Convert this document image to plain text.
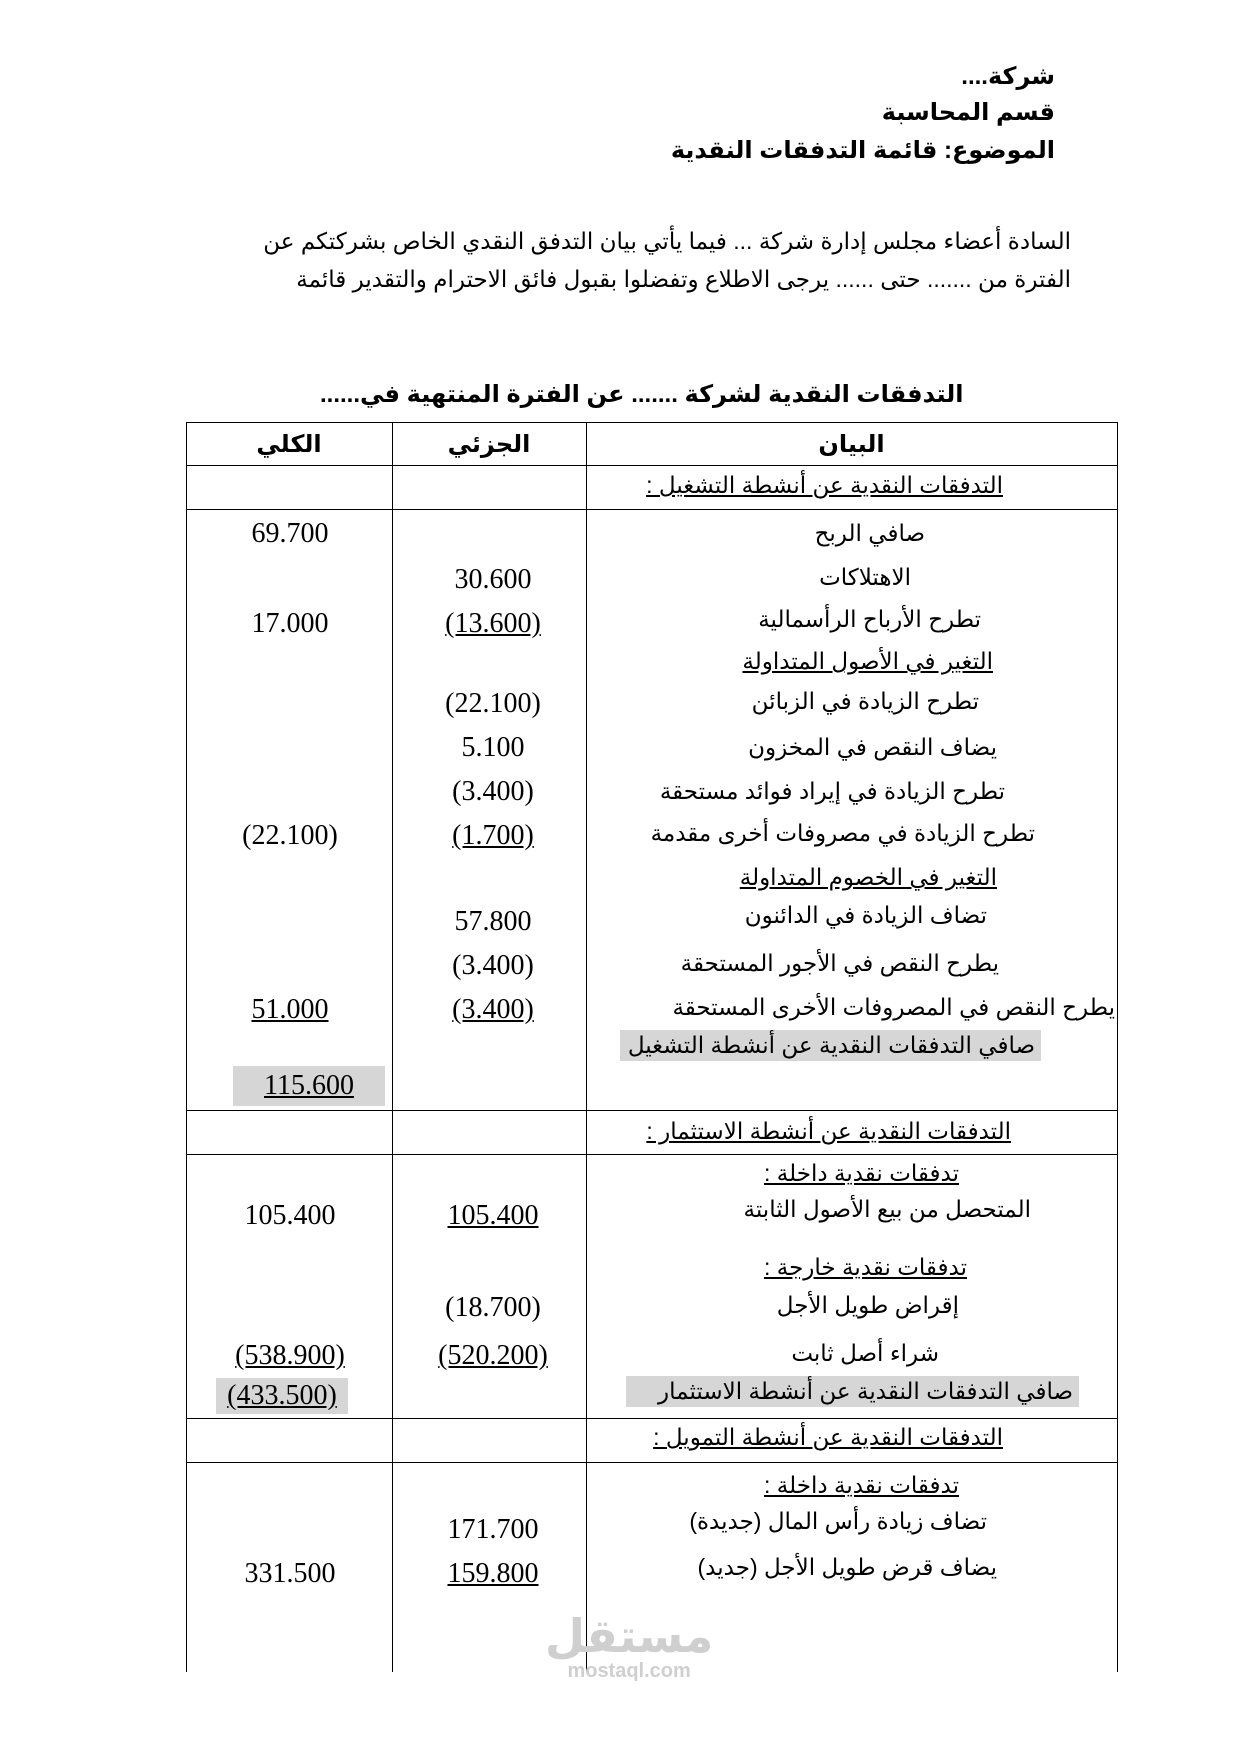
شركة....
قسم المحاسبة
الموضوع: قائمة التدفقات النقدية
السادة أعضاء مجلس إدارة شركة ... فيما يأتي بيان التدفق النقدي الخاص بشركتكم عن
الفترة من ....... حتى ...... يرجى الاطلاع وتفضلوا بقبول فائق الاحترام والتقدير قائمة
التدفقات النقدية لشركة ....... عن الفترة المنتهية في......
البيان
الجزئي
الكلي
التدفقات النقدية عن أنشطة التشغيل :
صافي الربح
69.700
الاهتلاكات
30.600
تطرح الأرباح الرأسمالية
(13.600)
17.000
التغير في الأصول المتداولة
تطرح الزيادة في الزبائن
(22.100)
يضاف النقص في المخزون
5.100
تطرح الزيادة في إيراد فوائد مستحقة
(3.400)
تطرح الزيادة في مصروفات أخرى مقدمة
(1.700)
(22.100)
التغير في الخصوم المتداولة
تضاف الزيادة في الدائنون
57.800
يطرح النقص في الأجور المستحقة
(3.400)
يطرح النقص في المصروفات الأخرى المستحقة
(3.400)
51.000
صافي التدفقات النقدية عن أنشطة التشغيل
115.600
التدفقات النقدية عن أنشطة الاستثمار :
تدفقات نقدية داخلة :
المتحصل من بيع الأصول الثابتة
105.400
105.400
تدفقات نقدية خارجة :
إقراض طويل الأجل
(18.700)
شراء أصل ثابت
(520.200)
(538.900)
صافي التدفقات النقدية عن أنشطة الاستثمار
(433.500)
التدفقات النقدية عن أنشطة التمويل :
تدفقات نقدية داخلة :
تضاف زيادة رأس المال (جديدة)
171.700
يضاف قرض طويل الأجل (جديد)
159.800
331.500
مستقل
mostaql.com
